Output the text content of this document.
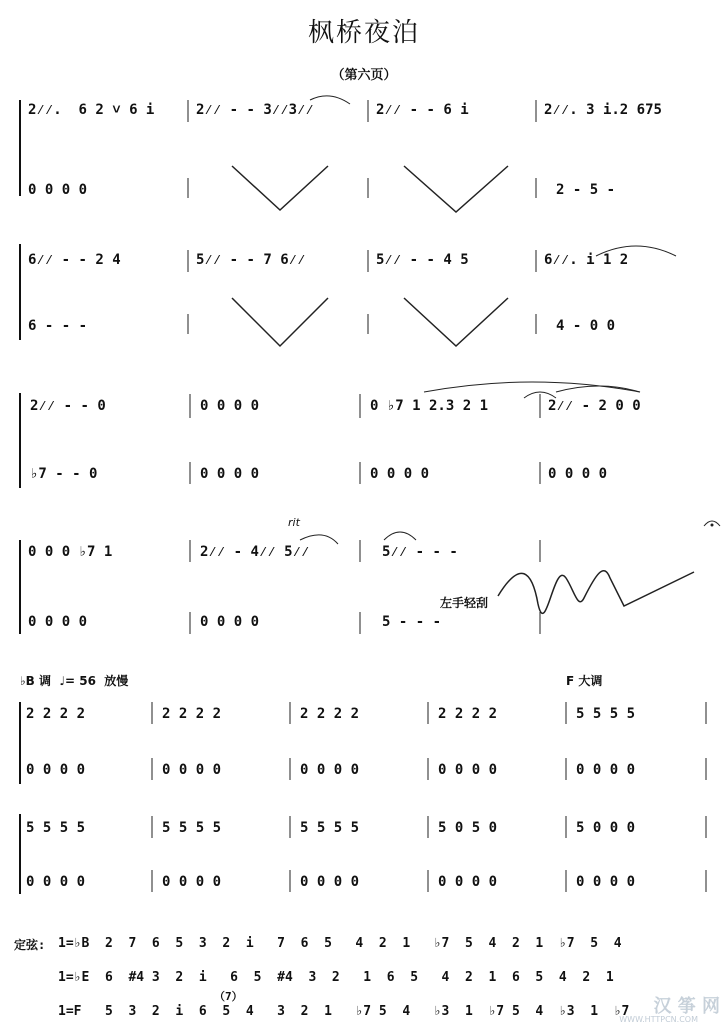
枫桥夜泊
（第六页）
2⁄⁄.  6 2 ˅ 6 i	2⁄⁄ - - 3⁄⁄3⁄⁄	2⁄⁄ - - 6 i	2⁄⁄. 3 i.2 675
0 0 0 0	2 - 5 -
6⁄⁄ - - 2 4	5⁄⁄ - - 7 6⁄⁄	5⁄⁄ - - 4 5	6⁄⁄. i 1 2
6 - - -	4 - 0 0
2⁄⁄ - - 0	0 0 0 0	0 ♭7 1 2.3 2 1	2⁄⁄ - 2 0 0
♭7 - - 0	0 0 0 0	0 0 0 0	0 0 0 0
rit
0 0 0 ♭7 1	2⁄⁄ - 4⁄⁄ 5⁄⁄	5⁄⁄ - - -
0 0 0 0	0 0 0 0	5 - - -
左手轻刮
♭B 调  ♩= 56  放慢	F 大调
2 2 2 2	2 2 2 2	2 2 2 2	2 2 2 2	5 5 5 5
0 0 0 0	0 0 0 0	0 0 0 0	0 0 0 0	0 0 0 0
5 5 5 5	5 5 5 5	5 5 5 5	5 0 5 0	5 0 0 0
0 0 0 0	0 0 0 0	0 0 0 0	0 0 0 0	0 0 0 0
定弦: 1=♭B  2  7  6  5  3  2  i   7  6  5   4  2  1   ♭7  5  4  2  1  ♭7  5  4
1=♭E  6  #4 3  2  i   6  5  #4  3  2   1  6  5   4  2  1  6  5  4  2  1
（7）
1=F   5  3  2  i  6  5  4   3  2  1   ♭7 5  4   ♭3  1  ♭7 5  4  ♭3  1  ♭7 汉 筝 网
WWW.HTTPCN.COM
